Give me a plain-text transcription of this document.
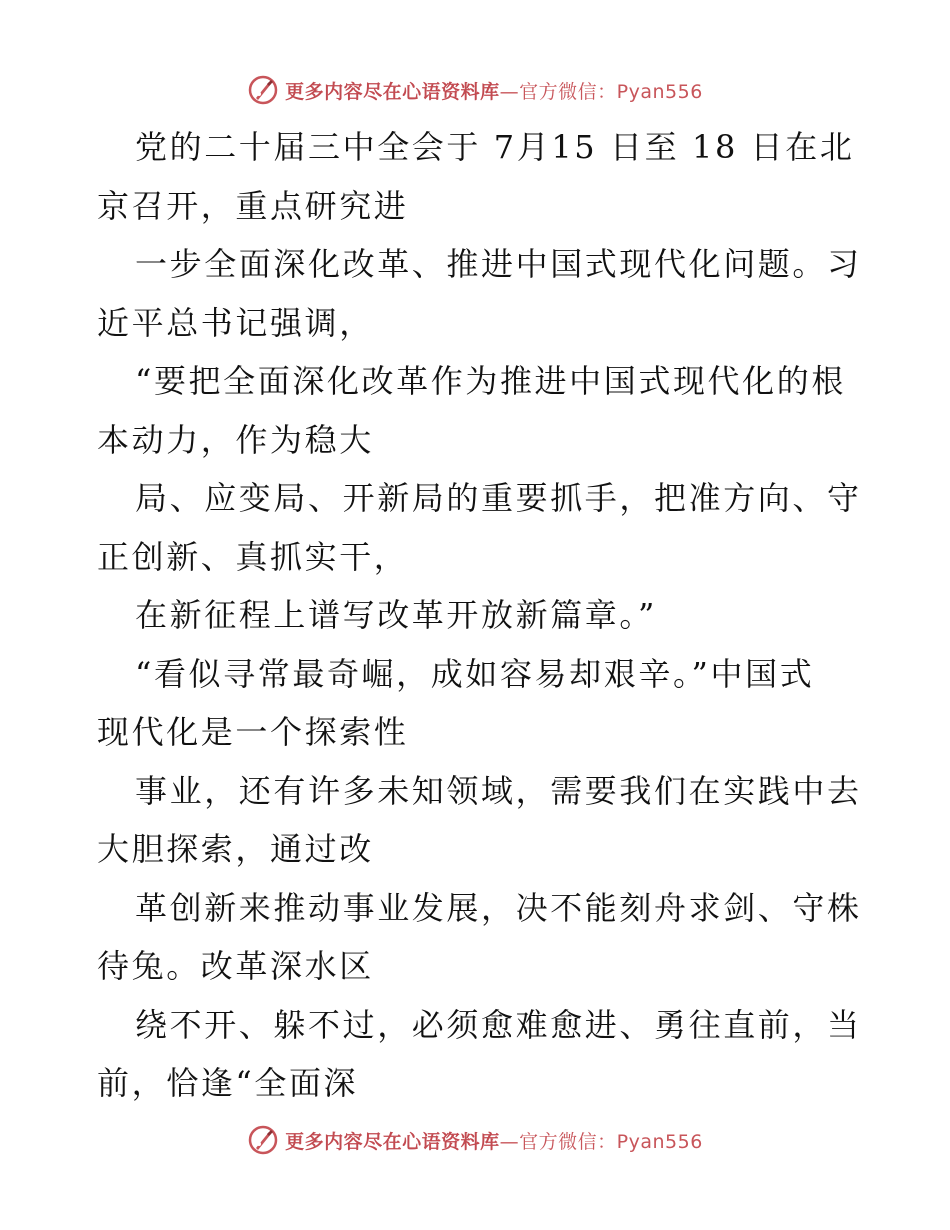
更多内容尽在心语资料库—官方微信：Pyan556
党的二十届三中全会于 7月15 日至 18 日在北
京召开，重点研究进
一步全面深化改革、推进中国式现代化问题。习
近平总书记强调，
“要把全面深化改革作为推进中国式现代化的根
本动力，作为稳大
局、应变局、开新局的重要抓手，把准方向、守
正创新、真抓实干，
在新征程上谱写改革开放新篇章。”
“看似寻常最奇崛，成如容易却艰辛。”中国式
现代化是一个探索性
事业，还有许多未知领域，需要我们在实践中去
大胆探索，通过改
革创新来推动事业发展，决不能刻舟求剑、守株
待兔。改革深水区
绕不开、躲不过，必须愈难愈进、勇往直前，当
前，恰逢“全面深
更多内容尽在心语资料库—官方微信：Pyan556
